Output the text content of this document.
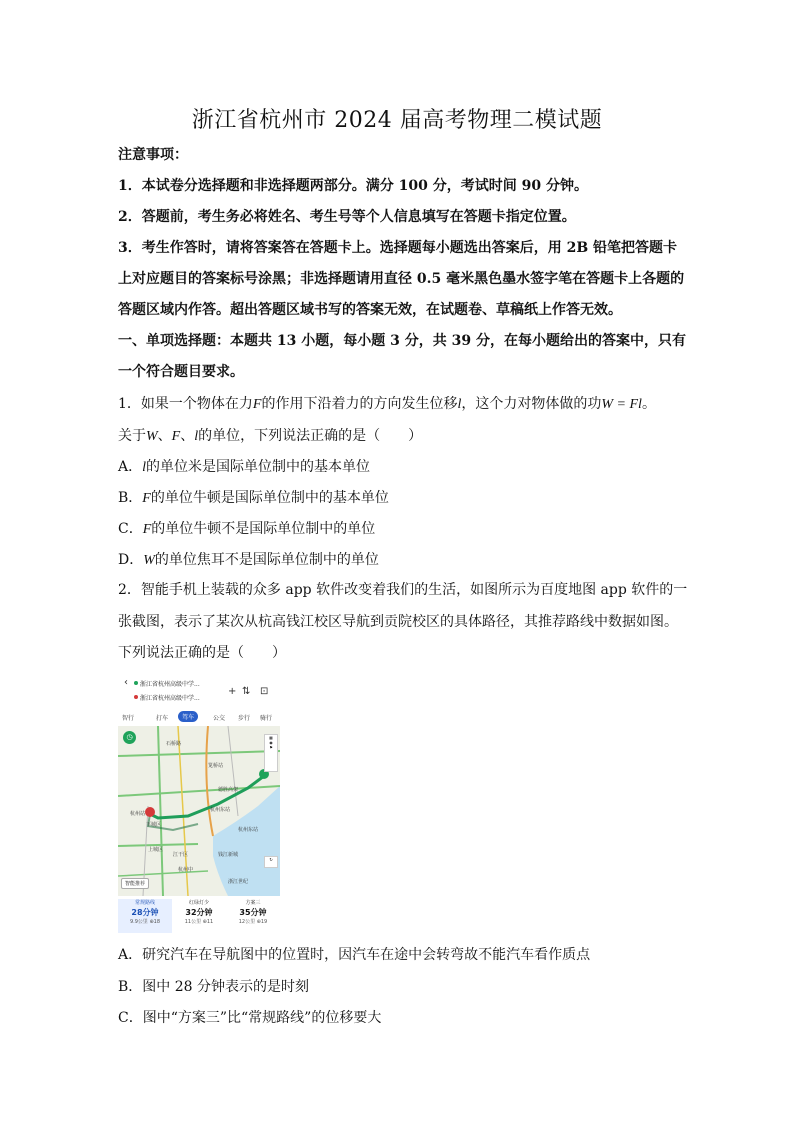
浙江省杭州市 2024 届高考物理二模试题
注意事项：
1．本试卷分选择题和非选择题两部分。满分 100 分，考试时间 90 分钟。
2．答题前，考生务必将姓名、考生号等个人信息填写在答题卡指定位置。
3．考生作答时，请将答案答在答题卡上。选择题每小题选出答案后，用 2B 铅笔把答题卡
上对应题目的答案标号涂黑；非选择题请用直径 0.5 毫米黑色墨水签字笔在答题卡上各题的
答题区域内作答。超出答题区域书写的答案无效，在试题卷、草稿纸上作答无效。
一、单项选择题：本题共 13 小题，每小题 3 分，共 39 分，在每小题给出的答案中，只有
一个符合题目要求。
1．如果一个物体在力F的作用下沿着力的方向发生位移l，这个力对物体做的功W = Fl。
关于W、F、l的单位，下列说法正确的是（　　）
A．l的单位米是国际单位制中的基本单位
B．F的单位牛顿是国际单位制中的基本单位
C．F的单位牛顿不是国际单位制中的单位
D．W的单位焦耳不是国际单位制中的单位
2．智能手机上装载的众多 app 软件改变着我们的生活，如图所示为百度地图 app 软件的一
张截图，表示了某次从杭高钱江校区导航到贡院校区的具体路径，其推荐路线中数据如图。
下列说法正确的是（　　）
‹ 浙江省杭州高级中学...
浙江省杭州高级中学...
+ ⇅ ⊡
智行	打车	驾车	公交 步行 骑行
◷
石桥路
笕桥站
德胜高架
杭州东站
杭州站
下城区
上城区
江干区	钱江新城
杭州中
杭州东站
浙江世纪
▦
◉
⚑
↻
智能推荐
常规路线
28分钟
9.9公里 ⊕18
红绿灯少
32分钟
11公里 ⊕11
方案三
35分钟
12公里 ⊕19
A．研究汽车在导航图中的位置时，因汽车在途中会转弯故不能汽车看作质点
B．图中 28 分钟表示的是时刻
C．图中“方案三”比“常规路线”的位移要大
